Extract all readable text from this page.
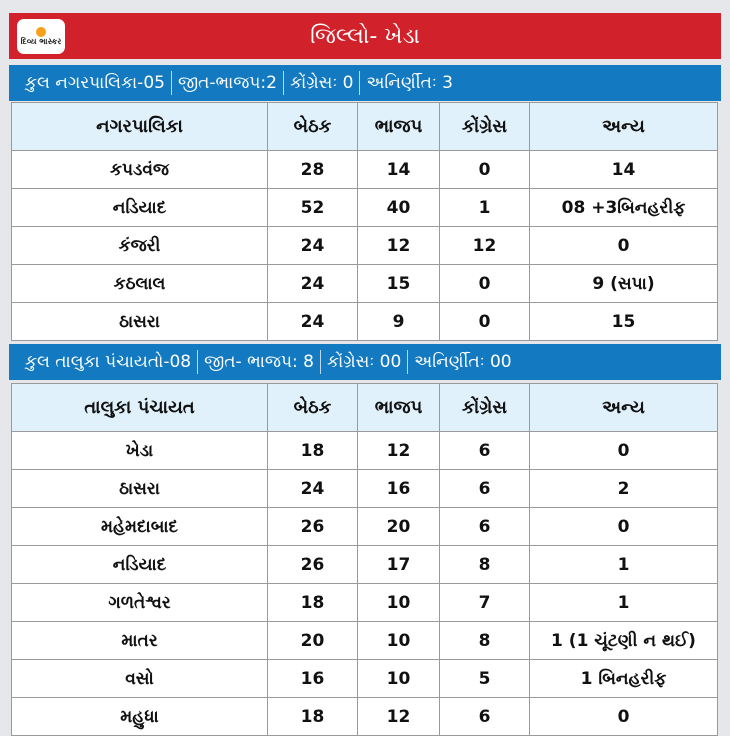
દિવ્ય ભાસ્કર	જિલ્લો- ખેડા
કુલ નગરપાલિકા-05 જીત-ભાજપ:2 કોંગ્રેસઃ 0 અનિર્ણીતઃ 3
નગરપાલિકા	બેઠક	ભાજપ	કોંગ્રેસ	અન્ય
કપડવંજ	28	14	0	14
નડિયાદ	52	40	1	08 +3બિનહરીફ
કંજરી	24	12	12	0
કઠલાલ	24	15	0	9 (સપા)
ઠાસરા	24	9	0	15
કુલ તાલુકા પંચાયતો-08 જીત- ભાજપ: 8 કોંગ્રેસઃ 00 અનિર્ણીતઃ 00
તાલુકા પંચાયત	બેઠક	ભાજપ	કોંગ્રેસ	અન્ય
ખેડા	18	12	6	0
ઠાસરા	24	16	6	2
મહેમદાબાદ	26	20	6	0
નડિયાદ	26	17	8	1
ગળતેશ્વર	18	10	7	1
માતર	20	10	8	1 (1 ચૂંટણી ન થઈ)
વસો	16	10	5	1 બિનહરીફ
મહુધા	18	12	6	0
